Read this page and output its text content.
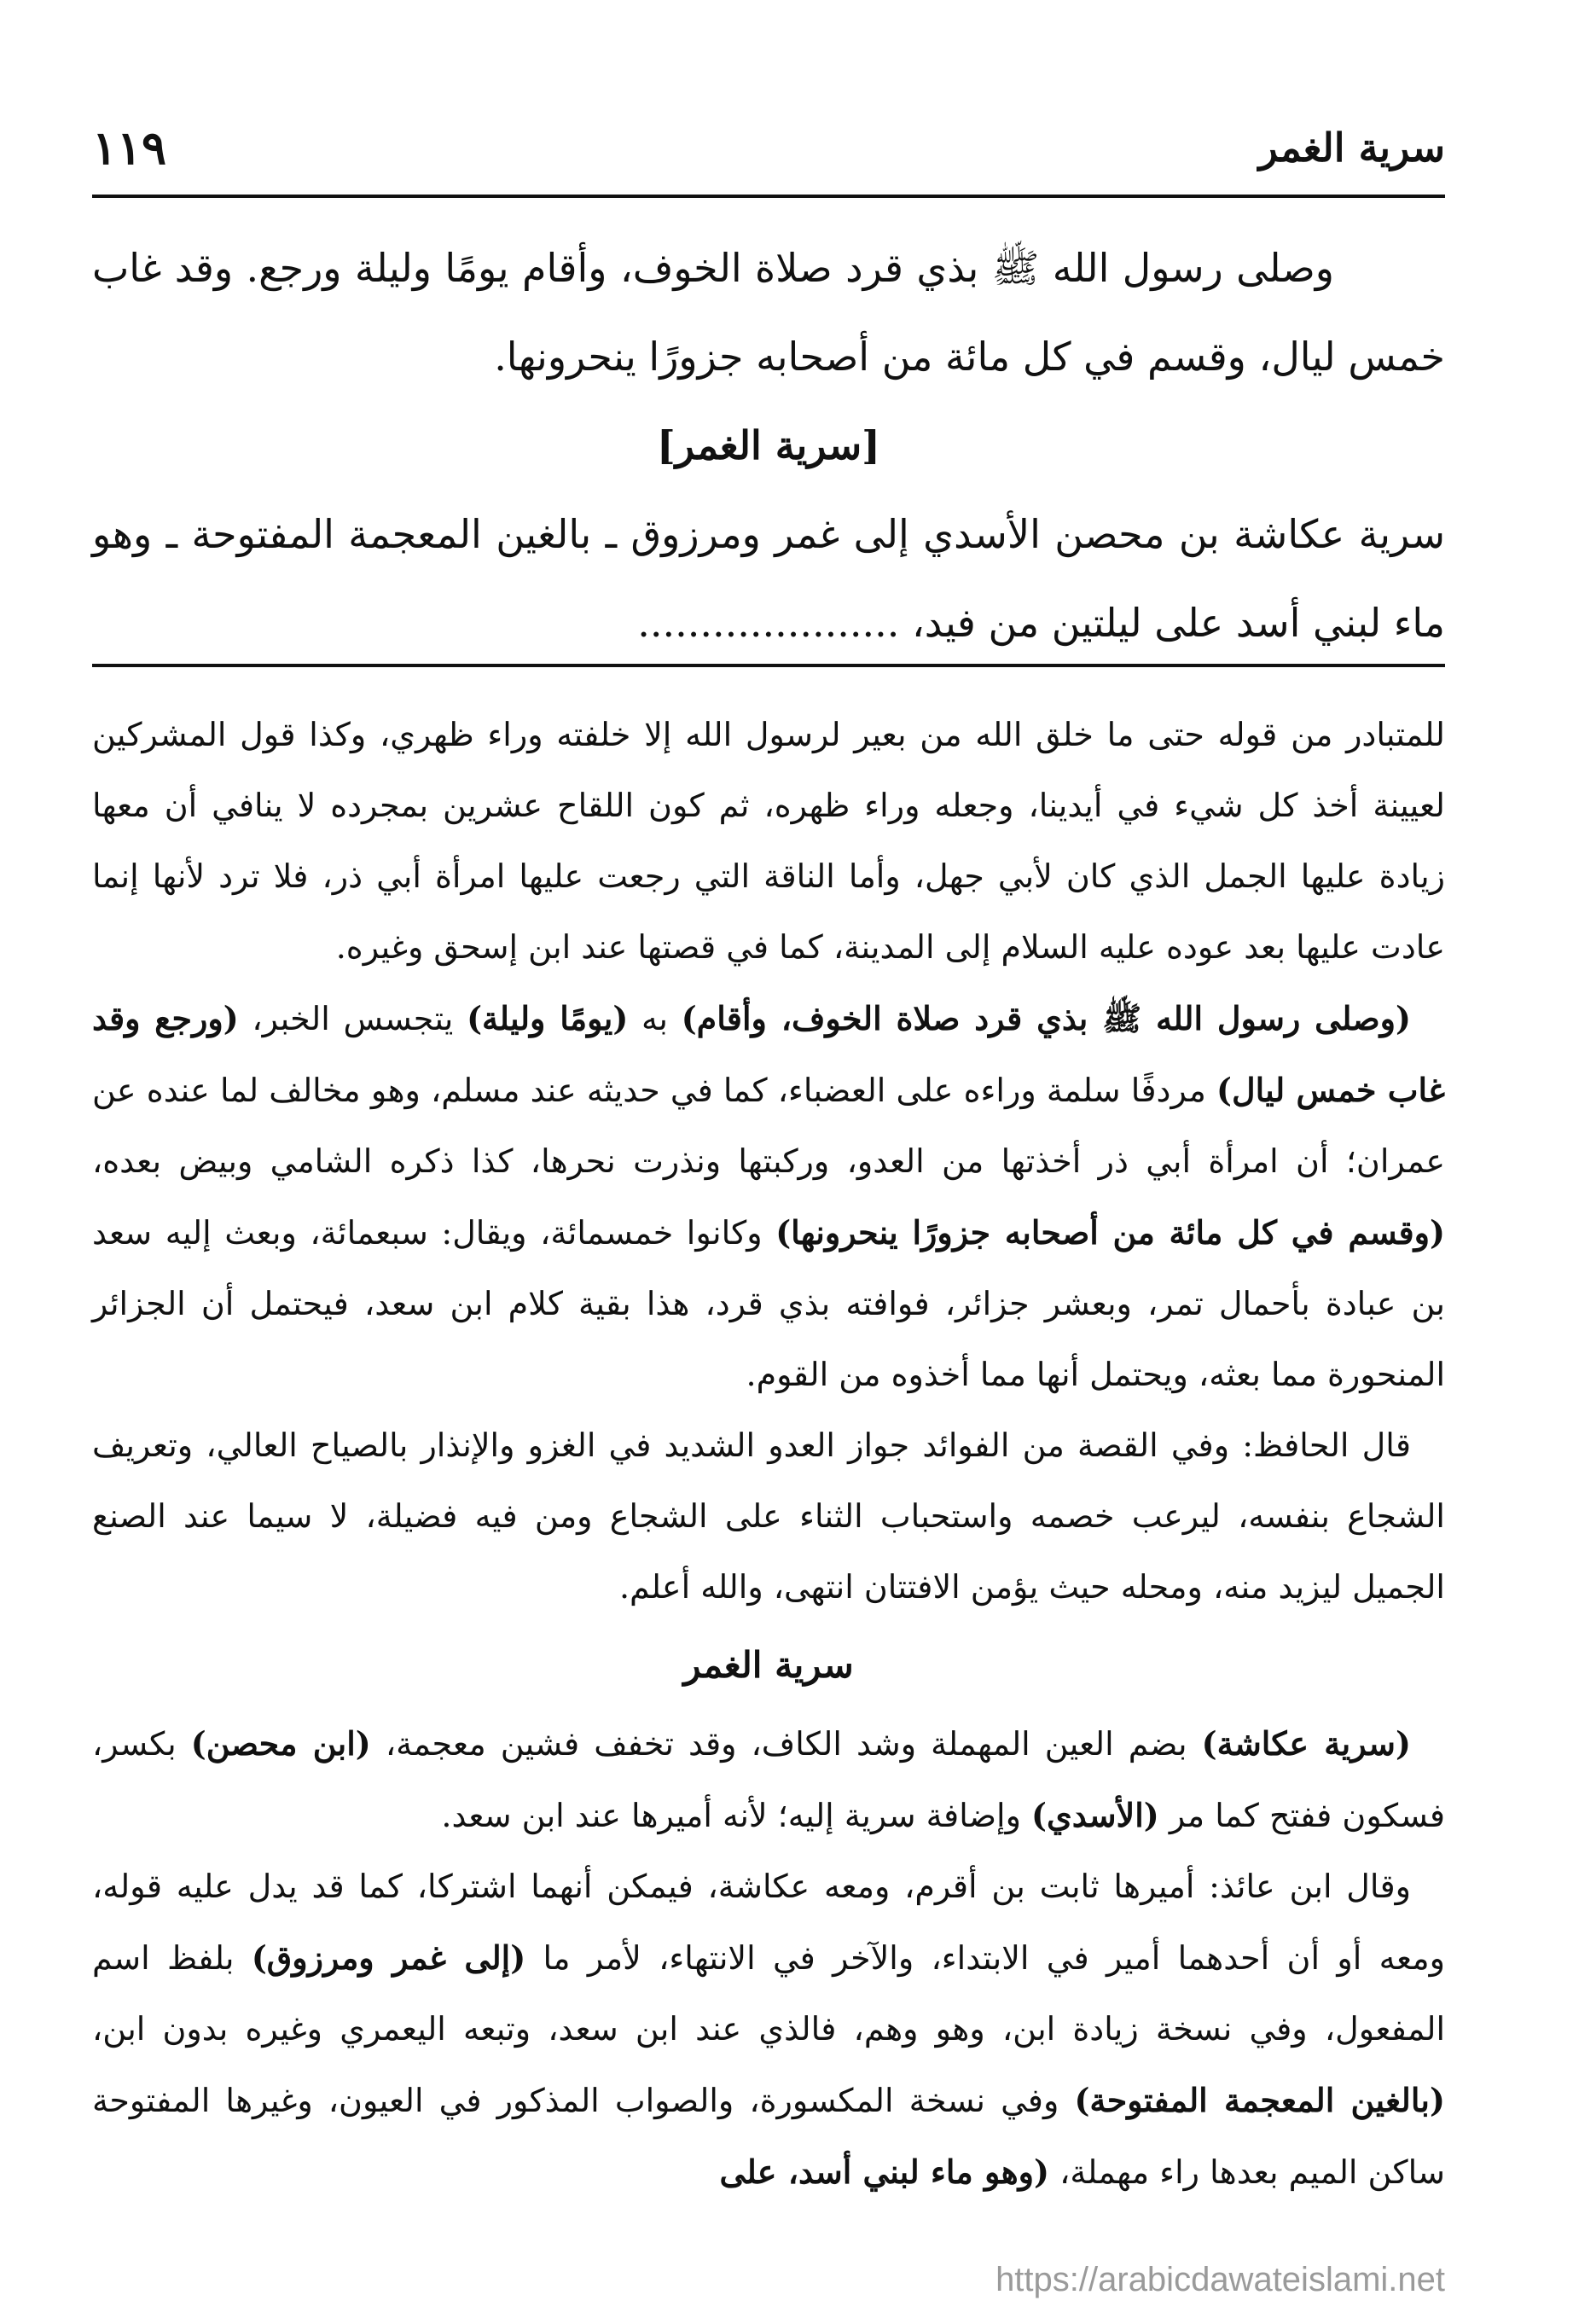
سرية الغمر
١١٩

وصلى رسول الله ﷺ بذي قرد صلاة الخوف، وأقام يومًا وليلة ورجع. وقد غاب خمس ليال، وقسم في كل مائة من أصحابه جزورًا ينحرونها.

[سرية الغمر]

سرية عكاشة بن محصن الأسدي إلى غمر ومرزوق ـ بالغين المعجمة المفتوحة ـ وهو ماء لبني أسد على ليلتين من فيد، .....................

للمتبادر من قوله حتى ما خلق الله من بعير لرسول الله إلا خلفته وراء ظهري، وكذا قول المشركين لعيينة أخذ كل شيء في أيدينا، وجعله وراء ظهره، ثم كون اللقاح عشرين بمجرده لا ينافي أن معها زيادة عليها الجمل الذي كان لأبي جهل، وأما الناقة التي رجعت عليها امرأة أبي ذر، فلا ترد لأنها إنما عادت عليها بعد عوده عليه السلام إلى المدينة، كما في قصتها عند ابن إسحق وغيره.

(وصلى رسول الله ﷺ بذي قرد صلاة الخوف، وأقام) به (يومًا وليلة) يتجسس الخبر، (ورجع وقد غاب خمس ليال) مردفًا سلمة وراءه على العضباء، كما في حديثه عند مسلم، وهو مخالف لما عنده عن عمران؛ أن امرأة أبي ذر أخذتها من العدو، وركبتها ونذرت نحرها، كذا ذكره الشامي وبيض بعده، (وقسم في كل مائة من أصحابه جزورًا ينحرونها) وكانوا خمسمائة، ويقال: سبعمائة، وبعث إليه سعد بن عبادة بأحمال تمر، وبعشر جزائر، فوافته بذي قرد، هذا بقية كلام ابن سعد، فيحتمل أن الجزائر المنحورة مما بعثه، ويحتمل أنها مما أخذوه من القوم.

قال الحافظ: وفي القصة من الفوائد جواز العدو الشديد في الغزو والإنذار بالصياح العالي، وتعريف الشجاع بنفسه، ليرعب خصمه واستحباب الثناء على الشجاع ومن فيه فضيلة، لا سيما عند الصنع الجميل ليزيد منه، ومحله حيث يؤمن الافتتان انتهى، والله أعلم.

سرية الغمر

(سرية عكاشة) بضم العين المهملة وشد الكاف، وقد تخفف فشين معجمة، (ابن محصن) بكسر، فسكون ففتح كما مر (الأسدي) وإضافة سرية إليه؛ لأنه أميرها عند ابن سعد.

وقال ابن عائذ: أميرها ثابت بن أقرم، ومعه عكاشة، فيمكن أنهما اشتركا، كما قد يدل عليه قوله، ومعه أو أن أحدهما أمير في الابتداء، والآخر في الانتهاء، لأمر ما (إلى غمر ومرزوق) بلفظ اسم المفعول، وفي نسخة زيادة ابن، وهو وهم، فالذي عند ابن سعد، وتبعه اليعمري وغيره بدون ابن، (بالغين المعجمة المفتوحة) وفي نسخة المكسورة، والصواب المذكور في العيون، وغيرها المفتوحة ساكن الميم بعدها راء مهملة، (وهو ماء لبني أسد، على

https://arabicdawateislami.net
